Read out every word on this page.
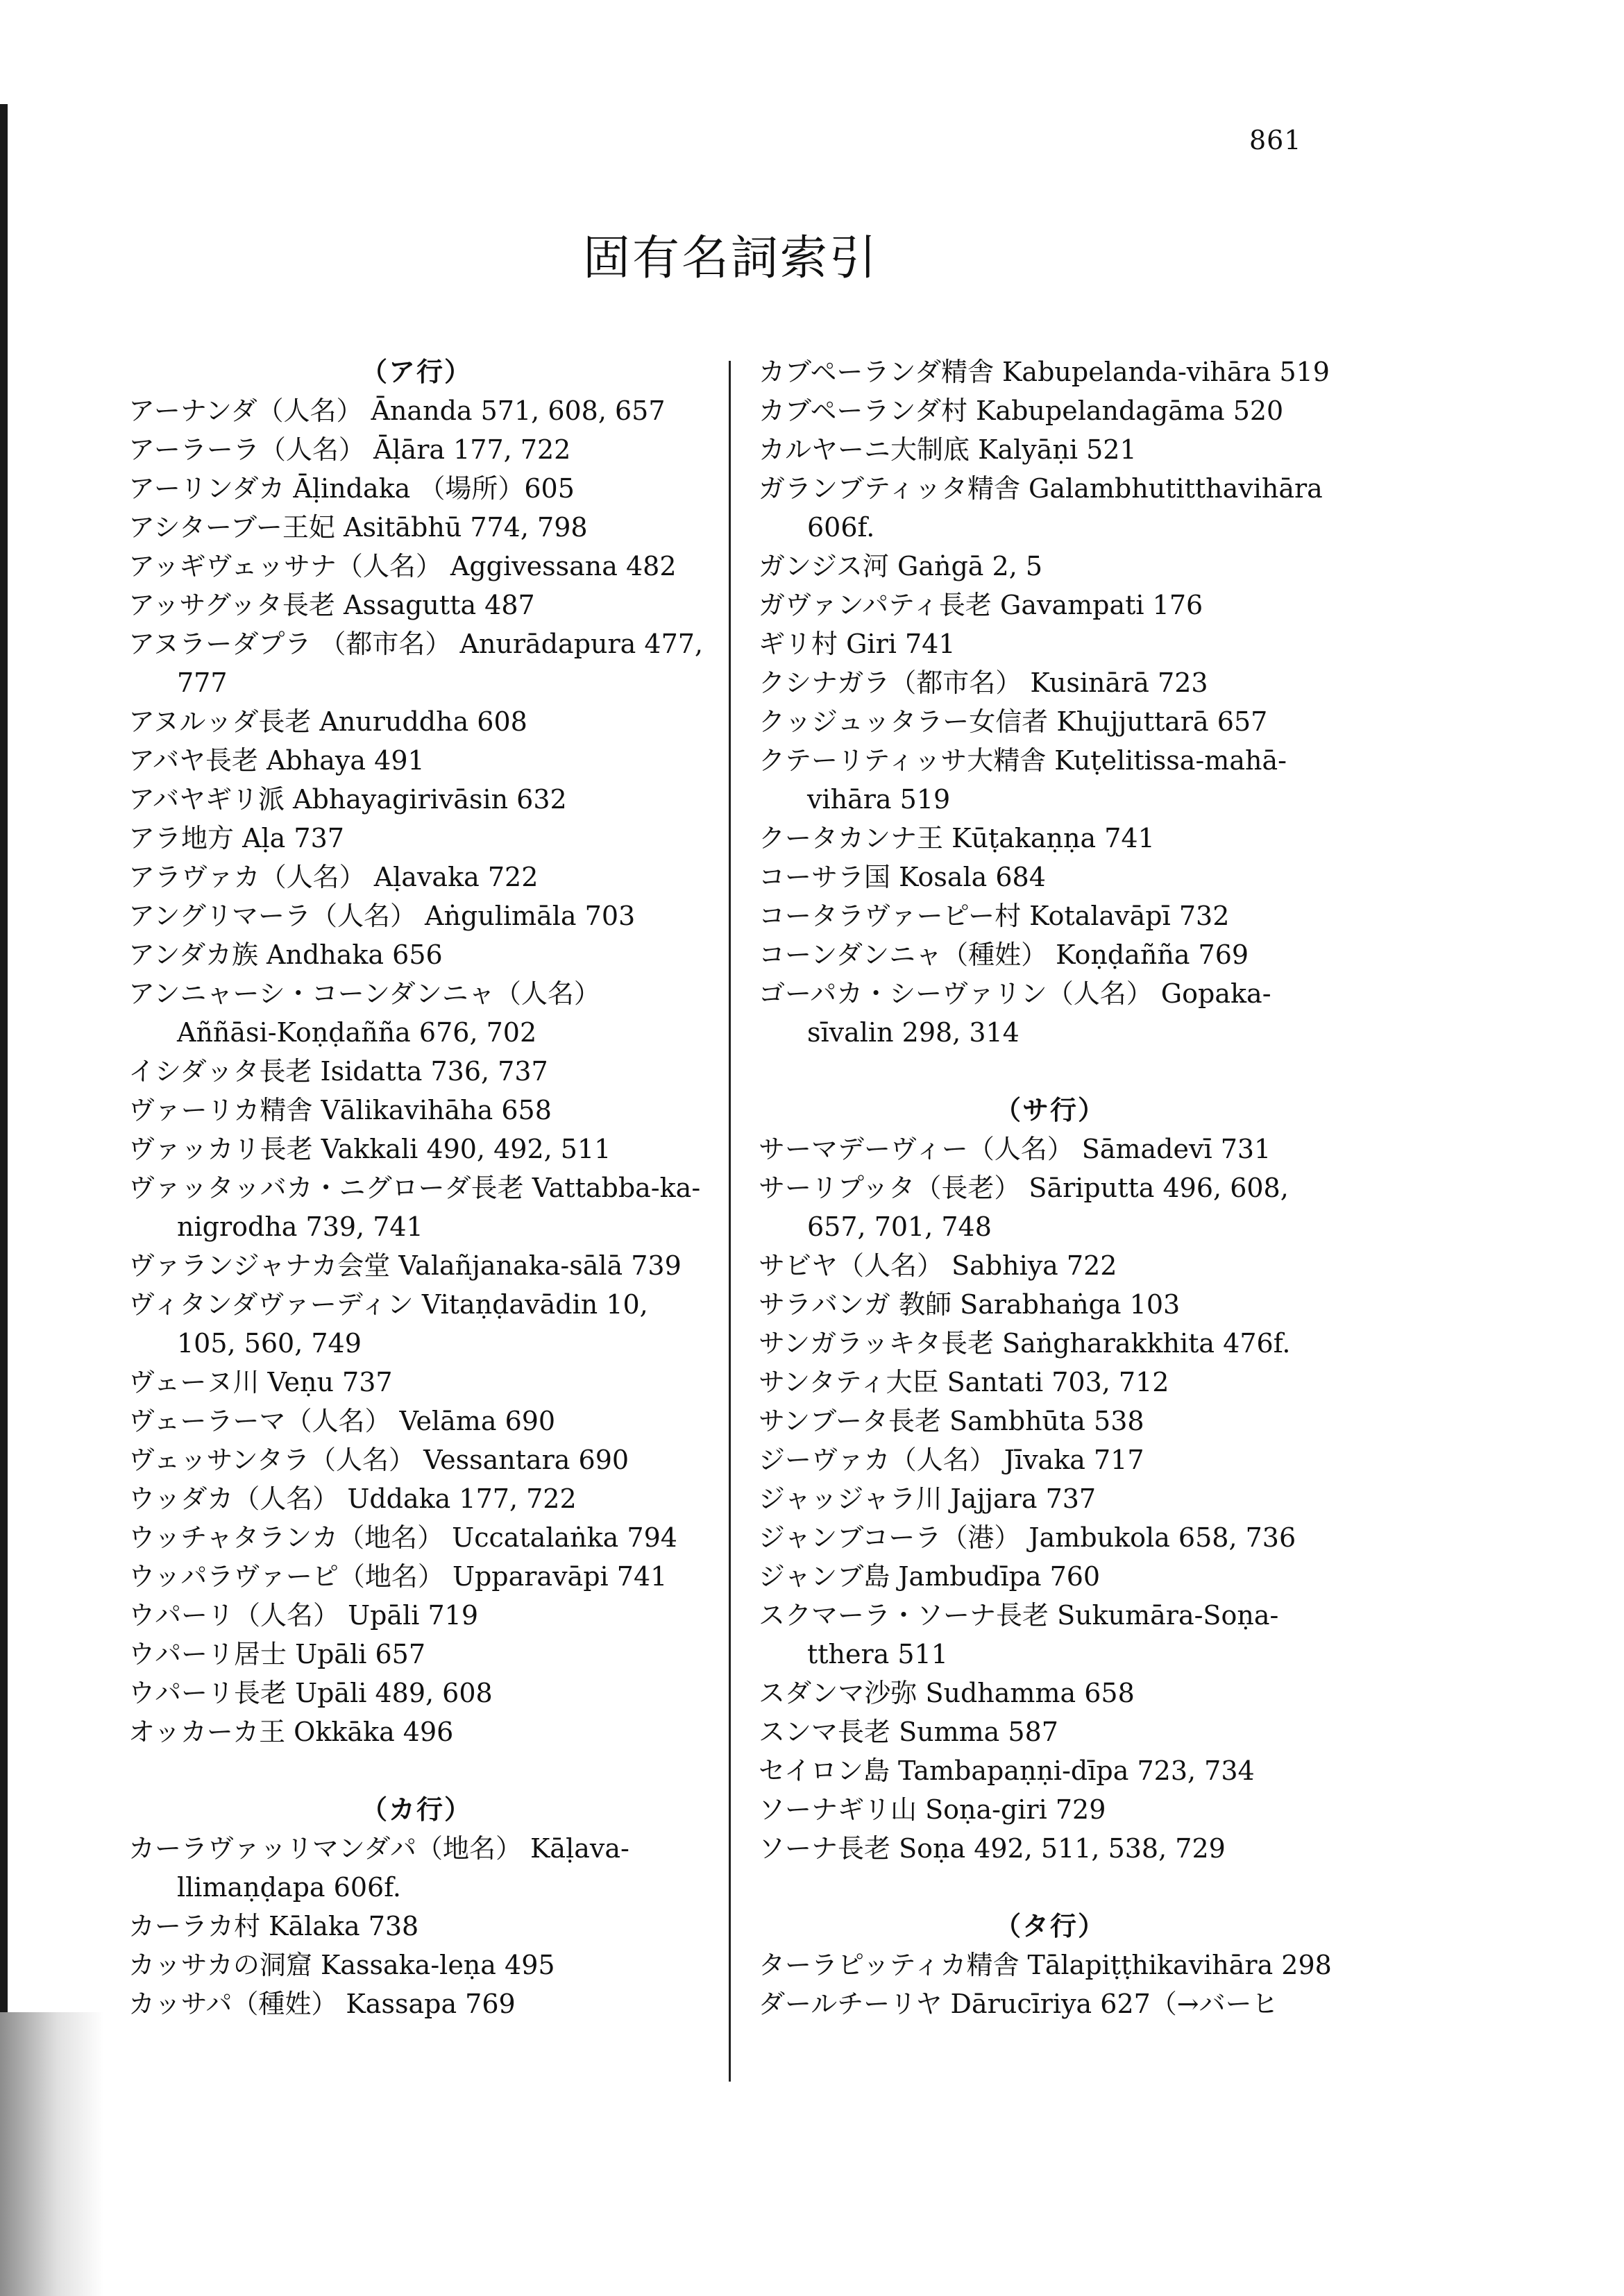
861
固有名詞索引
（ア行）
アーナンダ（人名） Ānanda 571, 608, 657
アーラーラ（人名） Āḷāra 177, 722
アーリンダカ Āḷindaka （場所）605
アシターブー王妃 Asitābhū 774, 798
アッギヴェッサナ（人名） Aggivessana 482
アッサグッタ長老 Assagutta 487
アヌラーダプラ （都市名） Anurādapura 477, 777
アヌルッダ長老 Anuruddha 608
アバヤ長老 Abhaya 491
アバヤギリ派 Abhayagirivāsin 632
アラ地方 Aḷa 737
アラヴァカ（人名） Aḷavaka 722
アングリマーラ（人名） Aṅgulimāla 703
アンダカ族 Andhaka 656
アンニャーシ・コーンダンニャ（人名） Aññāsi-Koṇḍañña 676, 702
イシダッタ長老 Isidatta 736, 737
ヴァーリカ精舎 Vālikavihāha 658
ヴァッカリ長老 Vakkali 490, 492, 511
ヴァッタッバカ・ニグローダ長老 Vattabba-ka-nigrodha 739, 741
ヴァランジャナカ会堂 Valañjanaka-sālā 739
ヴィタンダヴァーディン Vitaṇḍavādin 10, 105, 560, 749
ヴェーヌ川 Veṇu 737
ヴェーラーマ（人名） Velāma 690
ヴェッサンタラ（人名） Vessantara 690
ウッダカ（人名） Uddaka 177, 722
ウッチャタランカ（地名） Uccatalaṅka 794
ウッパラヴァーピ（地名） Upparavāpi 741
ウパーリ（人名） Upāli 719
ウパーリ居士 Upāli 657
ウパーリ長老 Upāli 489, 608
オッカーカ王 Okkāka 496
（カ行）
カーラヴァッリマンダパ（地名） Kāḷava-llimaṇḍapa 606f.
カーラカ村 Kālaka 738
カッサカの洞窟 Kassaka-leṇa 495
カッサパ（種姓） Kassapa 769
カブペーランダ精舎 Kabupelanda-vihāra 519
カブペーランダ村 Kabupelandagāma 520
カルヤーニ大制底 Kalyāṇi 521
ガランブティッタ精舎 Galambhutitthavihāra 606f.
ガンジス河 Gaṅgā 2, 5
ガヴァンパティ長老 Gavampati 176
ギリ村 Giri 741
クシナガラ（都市名） Kusinārā 723
クッジュッタラー女信者 Khujjuttarā 657
クテーリティッサ大精舎 Kuṭelitissa-mahā-vihāra 519
クータカンナ王 Kūṭakaṇṇa 741
コーサラ国 Kosala 684
コータラヴァーピー村 Kotalavāpī 732
コーンダンニャ（種姓） Koṇḍañña 769
ゴーパカ・シーヴァリン（人名） Gopaka-sīvalin 298, 314
（サ行）
サーマデーヴィー（人名） Sāmadevī 731
サーリプッタ（長老） Sāriputta 496, 608, 657, 701, 748
サビヤ（人名） Sabhiya 722
サラバンガ 教師 Sarabhaṅga 103
サンガラッキタ長老 Saṅgharakkhita 476f.
サンタティ大臣 Santati 703, 712
サンブータ長老 Sambhūta 538
ジーヴァカ（人名） Jīvaka 717
ジャッジャラ川 Jajjara 737
ジャンブコーラ（港） Jambukola 658, 736
ジャンブ島 Jambudīpa 760
スクマーラ・ソーナ長老 Sukumāra-Soṇa-tthera 511
スダンマ沙弥 Sudhamma 658
スンマ長老 Summa 587
セイロン島 Tambapaṇṇi-dīpa 723, 734
ソーナギリ山 Soṇa-giri 729
ソーナ長老 Soṇa 492, 511, 538, 729
（タ行）
ターラピッティカ精舎 Tālapiṭṭhikavihāra 298
ダールチーリヤ Dārucīriya 627（→バーヒ
